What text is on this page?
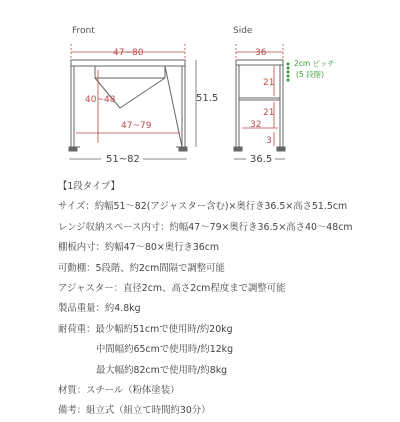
Front
47~80
40~48
47~79
51.5
51~82
Side
36
2cm ピッチ
(5 段階)
21
21
32
3
36.5
【1段タイプ】
サイズ：約幅51～82(アジャスター含む)×奥行き36.5×高さ51.5cm
レンジ収納スペース内寸：約幅47～79×奥行き36.5×高さ40～48cm
棚板内寸：約幅47～80×奥行き36cm
可動棚：5段階、約2cm間隔で調整可能
アジャスター：直径2cm、高さ2cm程度まで調整可能
製品重量：約4.8kg
耐荷重：最少幅約51cmで使用時/約20kg
中間幅約65cmで使用時/約12kg
最大幅約82cmで使用時/約8kg
材質：スチール（粉体塗装）
備考：組立式（組立て時間約30分）
